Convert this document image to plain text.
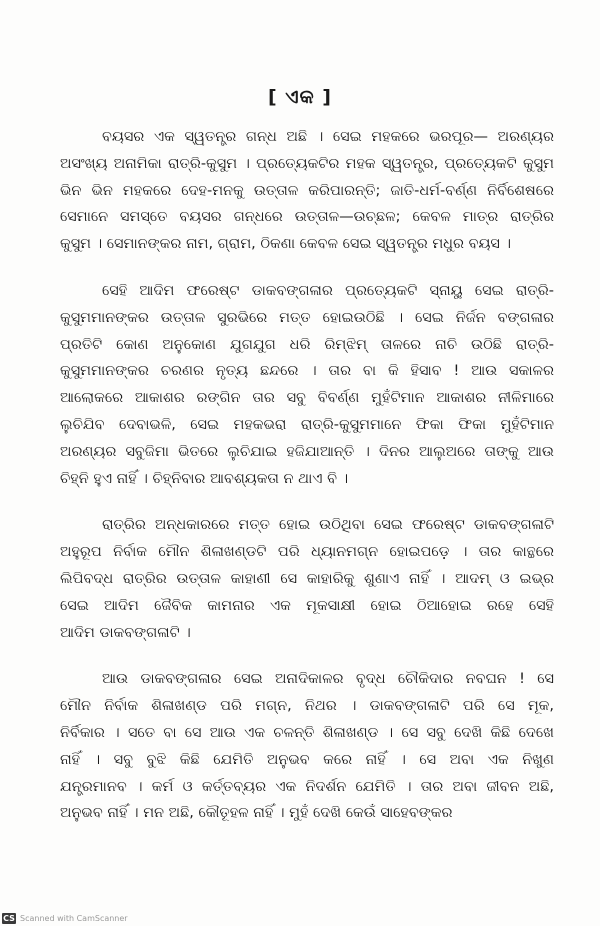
[ ଏକ ]
ବୟସର ଏକ ସ୍ୱତନ୍ତ୍ର ଗନ୍ଧ ଅଛି । ସେଇ ମହକରେ ଭରପୂର— ଅରଣ୍ୟର
ଅସଂଖ୍ୟ ଅନାମିକା ରାତ୍ରି-କୁସୁମ । ପ୍ରତ୍ୟେକଟିର ମହକ ସ୍ୱତନ୍ତ୍ର, ପ୍ରତ୍ୟେକଟି କୁସୁମ
ଭିନ ଭିନ ମହକରେ ଦେହ-ମନକୁ ଉତ୍ତାଳ କରିପାରନ୍ତି; ଜାତି-ଧର୍ମ-ବର୍ଣ୍ଣ ନିର୍ବିଶେଷରେ
ସେମାନେ ସମସ୍ତେ ବୟସର ଗନ୍ଧରେ ଉତ୍ତାଳ—ଉଚ୍ଛଳ; କେବଳ ମାତ୍ର ରାତ୍ରିର
କୁସୁମ । ସେମାନଙ୍କର ନାମ, ଗ୍ରାମ, ଠିକଣା କେବଳ ସେଇ ସ୍ୱତନ୍ତ୍ର ମଧୁର ବୟସ ।
ସେହି ଆଦିମ ଫରେଷ୍ଟ ଡାକବଙ୍ଗଳାର ପ୍ରତ୍ୟେକଟି ସ୍ନାୟୁ ସେଇ ରାତ୍ରି-
କୁସୁମମାନଙ୍କର ଉତ୍ତାଳ ସୁରଭିରେ ମତ୍ତ ହୋଇଉଠିଛି । ସେଇ ନିର୍ଜନ ବଙ୍ଗଳାର
ପ୍ରତିଟି କୋଣ ଅନୁକୋଣ ଯୁଗଯୁଗ ଧରି ରିମ୍‌ଝିମ୍ ତାଳରେ ନାଚି ଉଠିଛି ରାତ୍ରି-
କୁସୁମମାନଙ୍କର ଚରଣର ନୃତ୍ୟ ଛନ୍ଦରେ । ତାର ବା କି ହିସାବ ! ଆଉ ସକାଳର
ଆଲୋକରେ ଆକାଶର ରଙ୍ଗିନ ତାର ସବୁ ବିବର୍ଣ୍ଣ ମୁହଁଟିମାନ ଆକାଶର ନୀଳିମାରେ
ଲୁଚିଯିବ ଦେବାଭଳି, ସେଇ ମହକଭରା ରାତ୍ରି-କୁସୁମମାନେ ଫିକା ଫିକା ମୁହଁଟିମାନ
ଅରଣ୍ୟର ସବୁଜିମା ଭିତରେ ଲୁଚିଯାଇ ହଜିଯାଆନ୍ତି । ଦିନର ଆଲୁଅରେ ତାଙ୍କୁ ଆଉ
ଚିହ୍ନି ହୁଏ ନାହିଁ । ଚିହ୍ନିବାର ଆବଶ୍ୟକତା ନ ଥାଏ ବି ।
ରାତ୍ରିର ଅନ୍ଧକାରରେ ମତ୍ତ ହୋଇ ଉଠିଥିବା ସେଇ ଫରେଷ୍ଟ ଡାକବଙ୍ଗଳାଟି
ଅହୁରୂପ ନିର୍ବାକ ମୌନ ଶିଳାଖଣ୍ଡଟି ପରି ଧ୍ୟାନମଗ୍ନ ହୋଇପଡ଼େ । ତାର କାନ୍ଥରେ
ଲିପିବଦ୍ଧ ରାତ୍ରିର ଉତ୍ତାଳ କାହାଣୀ ସେ କାହାରିକୁ ଶୁଣାଏ ନାହିଁ । ଆଦମ୍ ଓ ଇଭ୍‌ର
ସେଇ ଆଦିମ ଜୈବିକ କାମନାର ଏକ ମୂକସାକ୍ଷୀ ହୋଇ ଠିଆହୋଇ ରହେ ସେହି
ଆଦିମ ଡାକବଙ୍ଗଳାଟି ।
ଆଉ ଡାକବଙ୍ଗଳାର ସେଇ ଅନାଦିକାଳର ବୃଦ୍ଧ ଚୌକିଦାର ନବଘନ ! ସେ
ମୌନ ନିର୍ବାକ ଶିଳାଖଣ୍ଡ ପରି ମଗ୍ନ, ନିଥର । ଡାକବଙ୍ଗଳାଟି ପରି ସେ ମୂକ,
ନିର୍ବିକାର । ସତେ ବା ସେ ଆଉ ଏକ ଚଳନ୍ତି ଶିଳାଖଣ୍ଡ । ସେ ସବୁ ଦେଖି କିଛି ଦେଖେ
ନାହିଁ । ସବୁ ବୁଝି କିଛି ଯେମିତି ଅନୁଭବ କରେ ନାହିଁ । ସେ ଅବା ଏକ ନିଖୁଣ
ଯନ୍ତ୍ରମାନବ । କର୍ମ ଓ କର୍ତ୍ତବ୍ୟର ଏକ ନିଦର୍ଶନ ଯେମିତି । ତାର ଅବା ଜୀବନ ଅଛି,
ଅନୁଭବ ନାହିଁ । ମନ ଅଛି, କୌତୂହଳ ନାହିଁ । ମୁହଁ ଦେଖି କେଉଁ ସାହେବଙ୍କର
CS Scanned with CamScanner
